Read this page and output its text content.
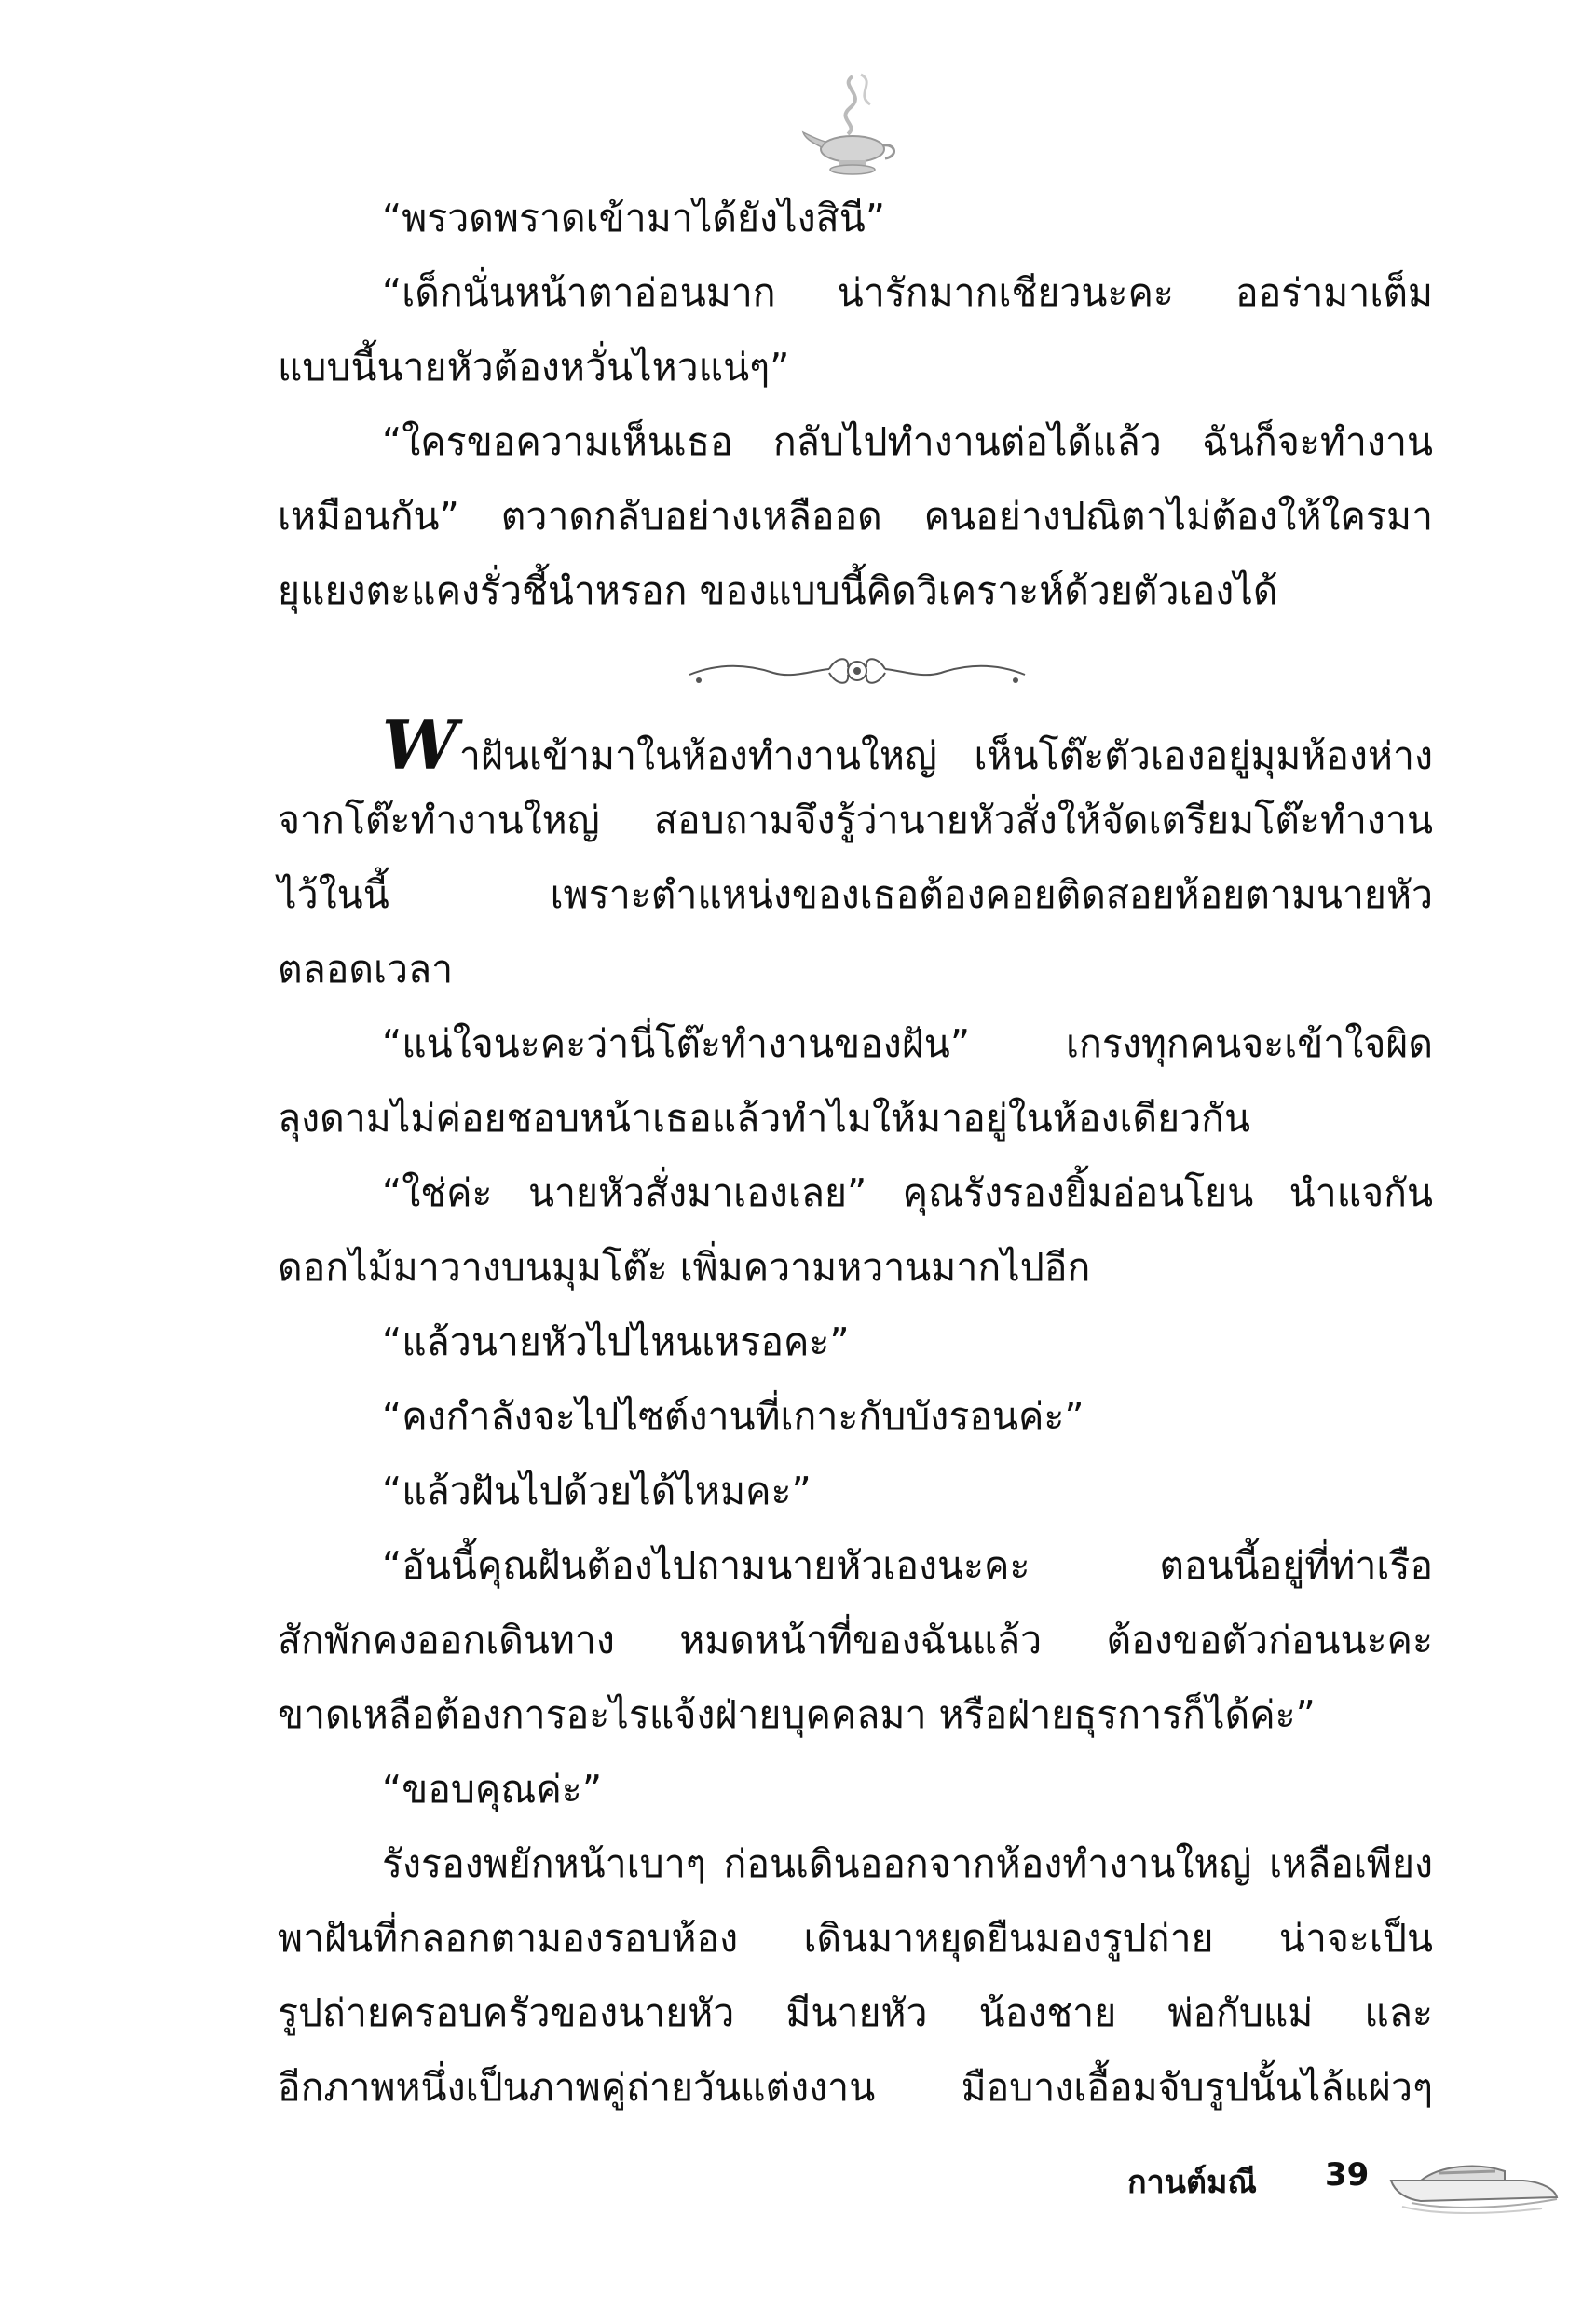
“พรวดพราดเข้ามาได้ยังไงสินี”
“เด็กนั่นหน้าตาอ่อนมาก น่ารักมากเชียวนะคะ ออร่ามาเต็ม
แบบนี้นายหัวต้องหวั่นไหวแน่ๆ”
“ใครขอความเห็นเธอ กลับไปทำงานต่อได้แล้ว ฉันก็จะทำงาน
เหมือนกัน” ตวาดกลับอย่างเหลืออด คนอย่างปณิตาไม่ต้องให้ใครมา
ยุแยงตะแคงรั่วชี้นำหรอก ของแบบนี้คิดวิเคราะห์ด้วยตัวเองได้
Wาฝันเข้ามาในห้องทำงานใหญ่ เห็นโต๊ะตัวเองอยู่มุมห้องห่าง
จากโต๊ะทำงานใหญ่ สอบถามจึงรู้ว่านายหัวสั่งให้จัดเตรียมโต๊ะทำงาน
ไว้ในนี้ เพราะตำแหน่งของเธอต้องคอยติดสอยห้อยตามนายหัว
ตลอดเวลา
“แน่ใจนะคะว่านี่โต๊ะทำงานของฝัน” เกรงทุกคนจะเข้าใจผิด
ลุงดามไม่ค่อยชอบหน้าเธอแล้วทำไมให้มาอยู่ในห้องเดียวกัน
“ใช่ค่ะ นายหัวสั่งมาเองเลย” คุณรังรองยิ้มอ่อนโยน นำแจกัน
ดอกไม้มาวางบนมุมโต๊ะ เพิ่มความหวานมากไปอีก
“แล้วนายหัวไปไหนเหรอคะ”
“คงกำลังจะไปไซต์งานที่เกาะกับบังรอนค่ะ”
“แล้วฝันไปด้วยได้ไหมคะ”
“อันนี้คุณฝันต้องไปถามนายหัวเองนะคะ ตอนนี้อยู่ที่ท่าเรือ
สักพักคงออกเดินทาง หมดหน้าที่ของฉันแล้ว ต้องขอตัวก่อนนะคะ
ขาดเหลือต้องการอะไรแจ้งฝ่ายบุคคลมา หรือฝ่ายธุรการก็ได้ค่ะ”
“ขอบคุณค่ะ”
รังรองพยักหน้าเบาๆ ก่อนเดินออกจากห้องทำงานใหญ่ เหลือเพียง
พาฝันที่กลอกตามองรอบห้อง เดินมาหยุดยืนมองรูปถ่าย น่าจะเป็น
รูปถ่ายครอบครัวของนายหัว มีนายหัว น้องชาย พ่อกับแม่ และ
อีกภาพหนึ่งเป็นภาพคู่ถ่ายวันแต่งงาน มือบางเอื้อมจับรูปนั้นไล้แผ่วๆ
กานต์มณี 39
